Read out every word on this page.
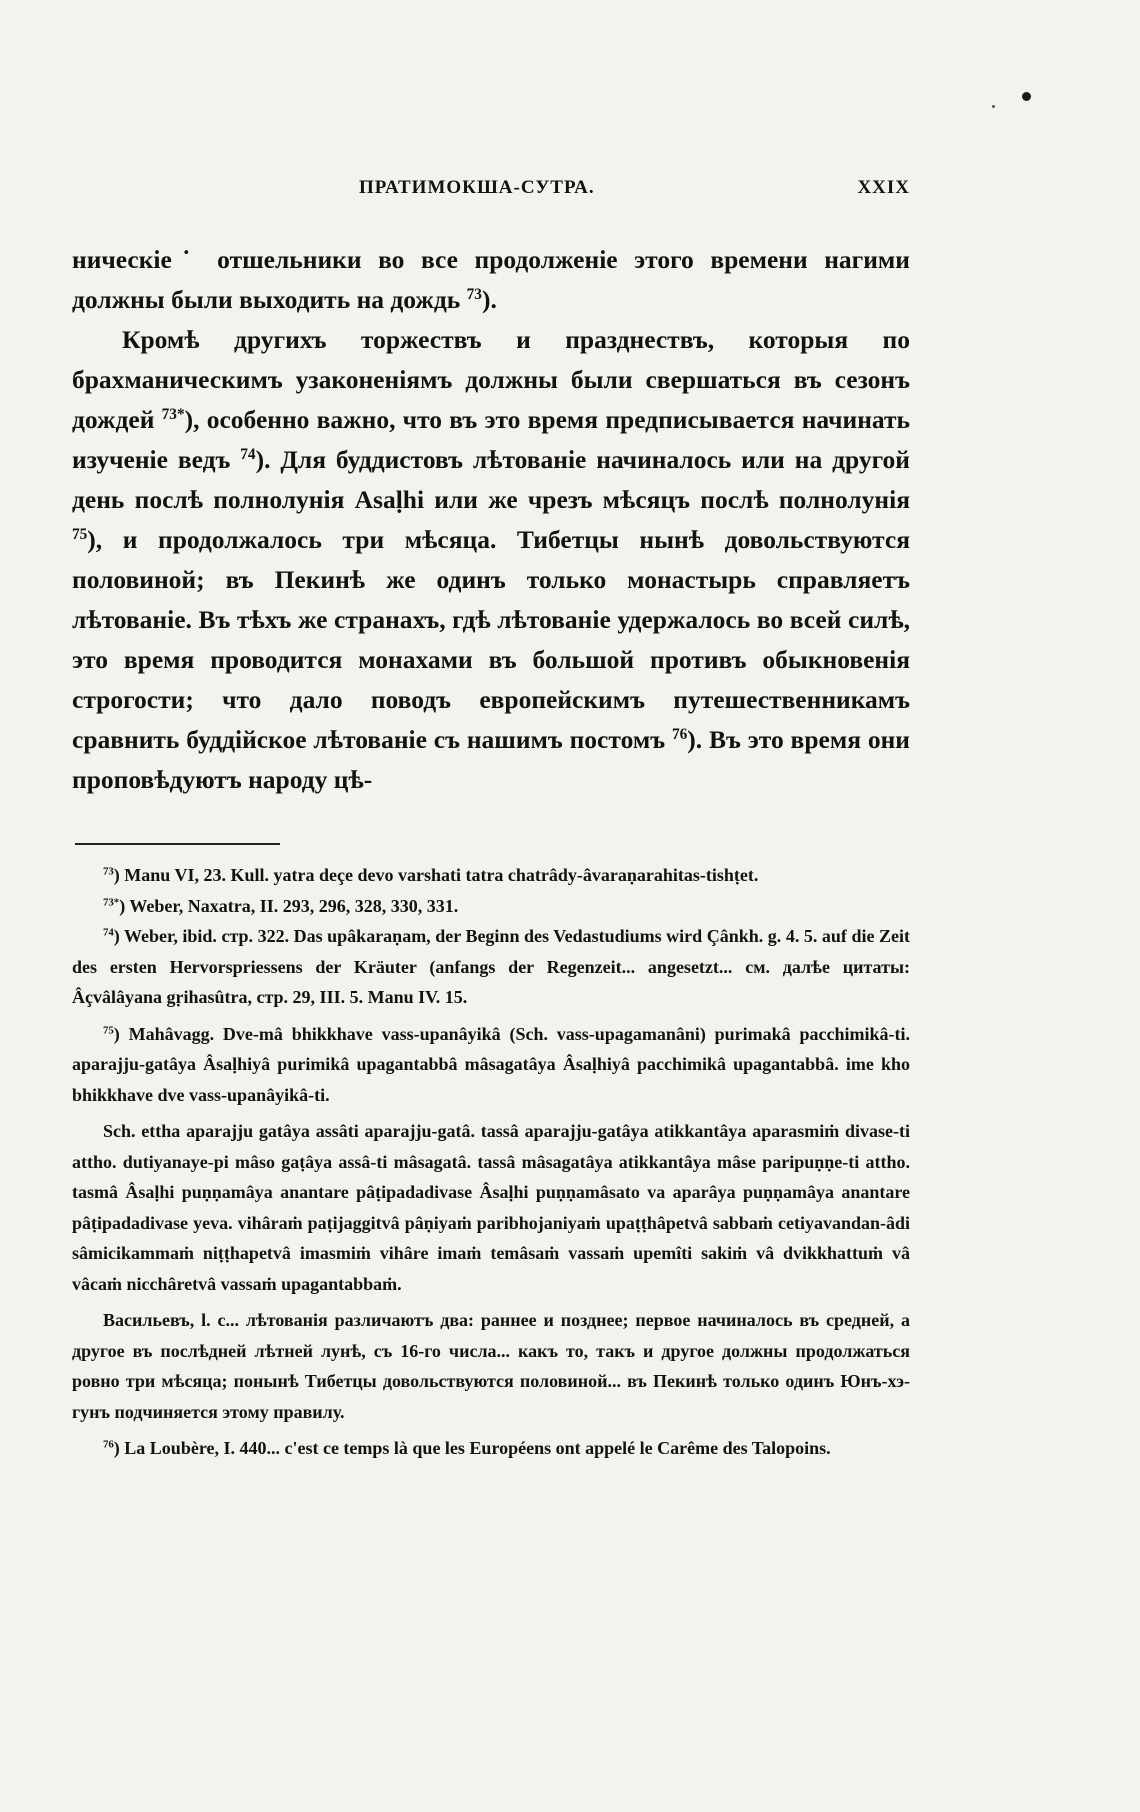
ПРАТИМОКША-СУТРА.	XXIX

ническіе˙ отшельники во все продолженіе этого времени нагими должны были выходить на дождь $^{73}$).

Кромѣ другихъ торжествъ и празднествъ, которыя по брахманическимъ узаконеніямъ должны были свершаться въ сезонъ дождей $^{73*}$), особенно важно, что въ это время предписывается начинать изученіе ведъ $^{74}$). Для буддистовъ лѣтованіе начиналось или на другой день послѣ полнолунія Asaḷhi или же чрезъ мѣсяцъ послѣ полнолунія $^{75}$), и продолжалось три мѣсяца. Тибетцы нынѣ довольствуются половиной; въ Пекинѣ же одинъ только монастырь справляетъ лѣтованіе. Въ тѣхъ же странахъ, гдѣ лѣтованіе удержалось во всей силѣ, это время проводится монахами въ большой противъ обыкновенія строгости; что дало поводъ европейскимъ путешественникамъ сравнить буддійское лѣтованіе съ нашимъ постомъ $^{76}$). Въ это время они проповѣдуютъ народу цѣ-

$^{73}$) Manu VI, 23. Kull. yatra deçe devo varshati tatra chatrâdy-âvaraṇarahitas-tishṭet.

$^{73*}$) Weber, Naxatra, II. 293, 296, 328, 330, 331.

$^{74}$) Weber, ibid. стр. 322. Das upâkaraṇam, der Beginn des Vedastudiums wird Çânkh. g. 4. 5. auf die Zeit des ersten Hervorspriessens der Kräuter (anfangs der Regenzeit... angesetzt... см. далѣе цитаты: Âçvâlâyana gṛihasûtra, стр. 29, III. 5. Manu IV. 15.

$^{75}$) Mahâvagg. Dve-mâ bhikkhave vass-upanâyikâ (Sch. vass-upagamanâni) purimakâ pacchimikâ-ti. aparajju-gatâya Âsaḷhiyâ purimikâ upagantabbâ mâsagatâya Âsaḷhiyâ pacchimikâ upagantabbâ. ime kho bhikkhave dve vass-upanâyikâ-ti.

Sch. ettha aparajju gatâya assâti aparajju-gatâ. tassâ aparajju-gatâya atikkantâya aparasmiṁ divase-ti attho. dutiyanaye-pi mâso gaṭâya assâ-ti mâsagatâ. tassâ mâsagatâya atikkantâya mâse paripuṇṇe-ti attho. tasmâ Âsaḷhi puṇṇamâya anantare pâṭipadadivase Âsaḷhi puṇṇamâsato va aparâya puṇṇamâya anantare pâṭipadadivase yeva. vihâraṁ paṭijaggitvâ pâṇiyaṁ paribhojaniyaṁ upaṭṭhâpetvâ sabbaṁ cetiyavandan-âdi sâmicikammaṁ niṭṭhapetvâ imasmiṁ vihâre imaṁ temâsaṁ vassaṁ upemîti sakiṁ vâ dvikkhattuṁ vâ vâcaṁ nicchâretvâ vassaṁ upagantabbaṁ.

Васильевъ, l. c... лѣтованія различаютъ два: раннее и позднее; первое начиналось въ средней, а другое въ послѣдней лѣтней лунѣ, съ 16-го числа... какъ то, такъ и другое должны продолжаться ровно три мѣсяца; понынѣ Тибетцы довольствуются половиной... въ Пекинѣ только одинъ Юнъ-хэ-гунъ подчиняется этому правилу.

$^{76}$) La Loubère, I. 440... c'est ce temps là que les Européens ont appelé le Carême des Talopoins.
